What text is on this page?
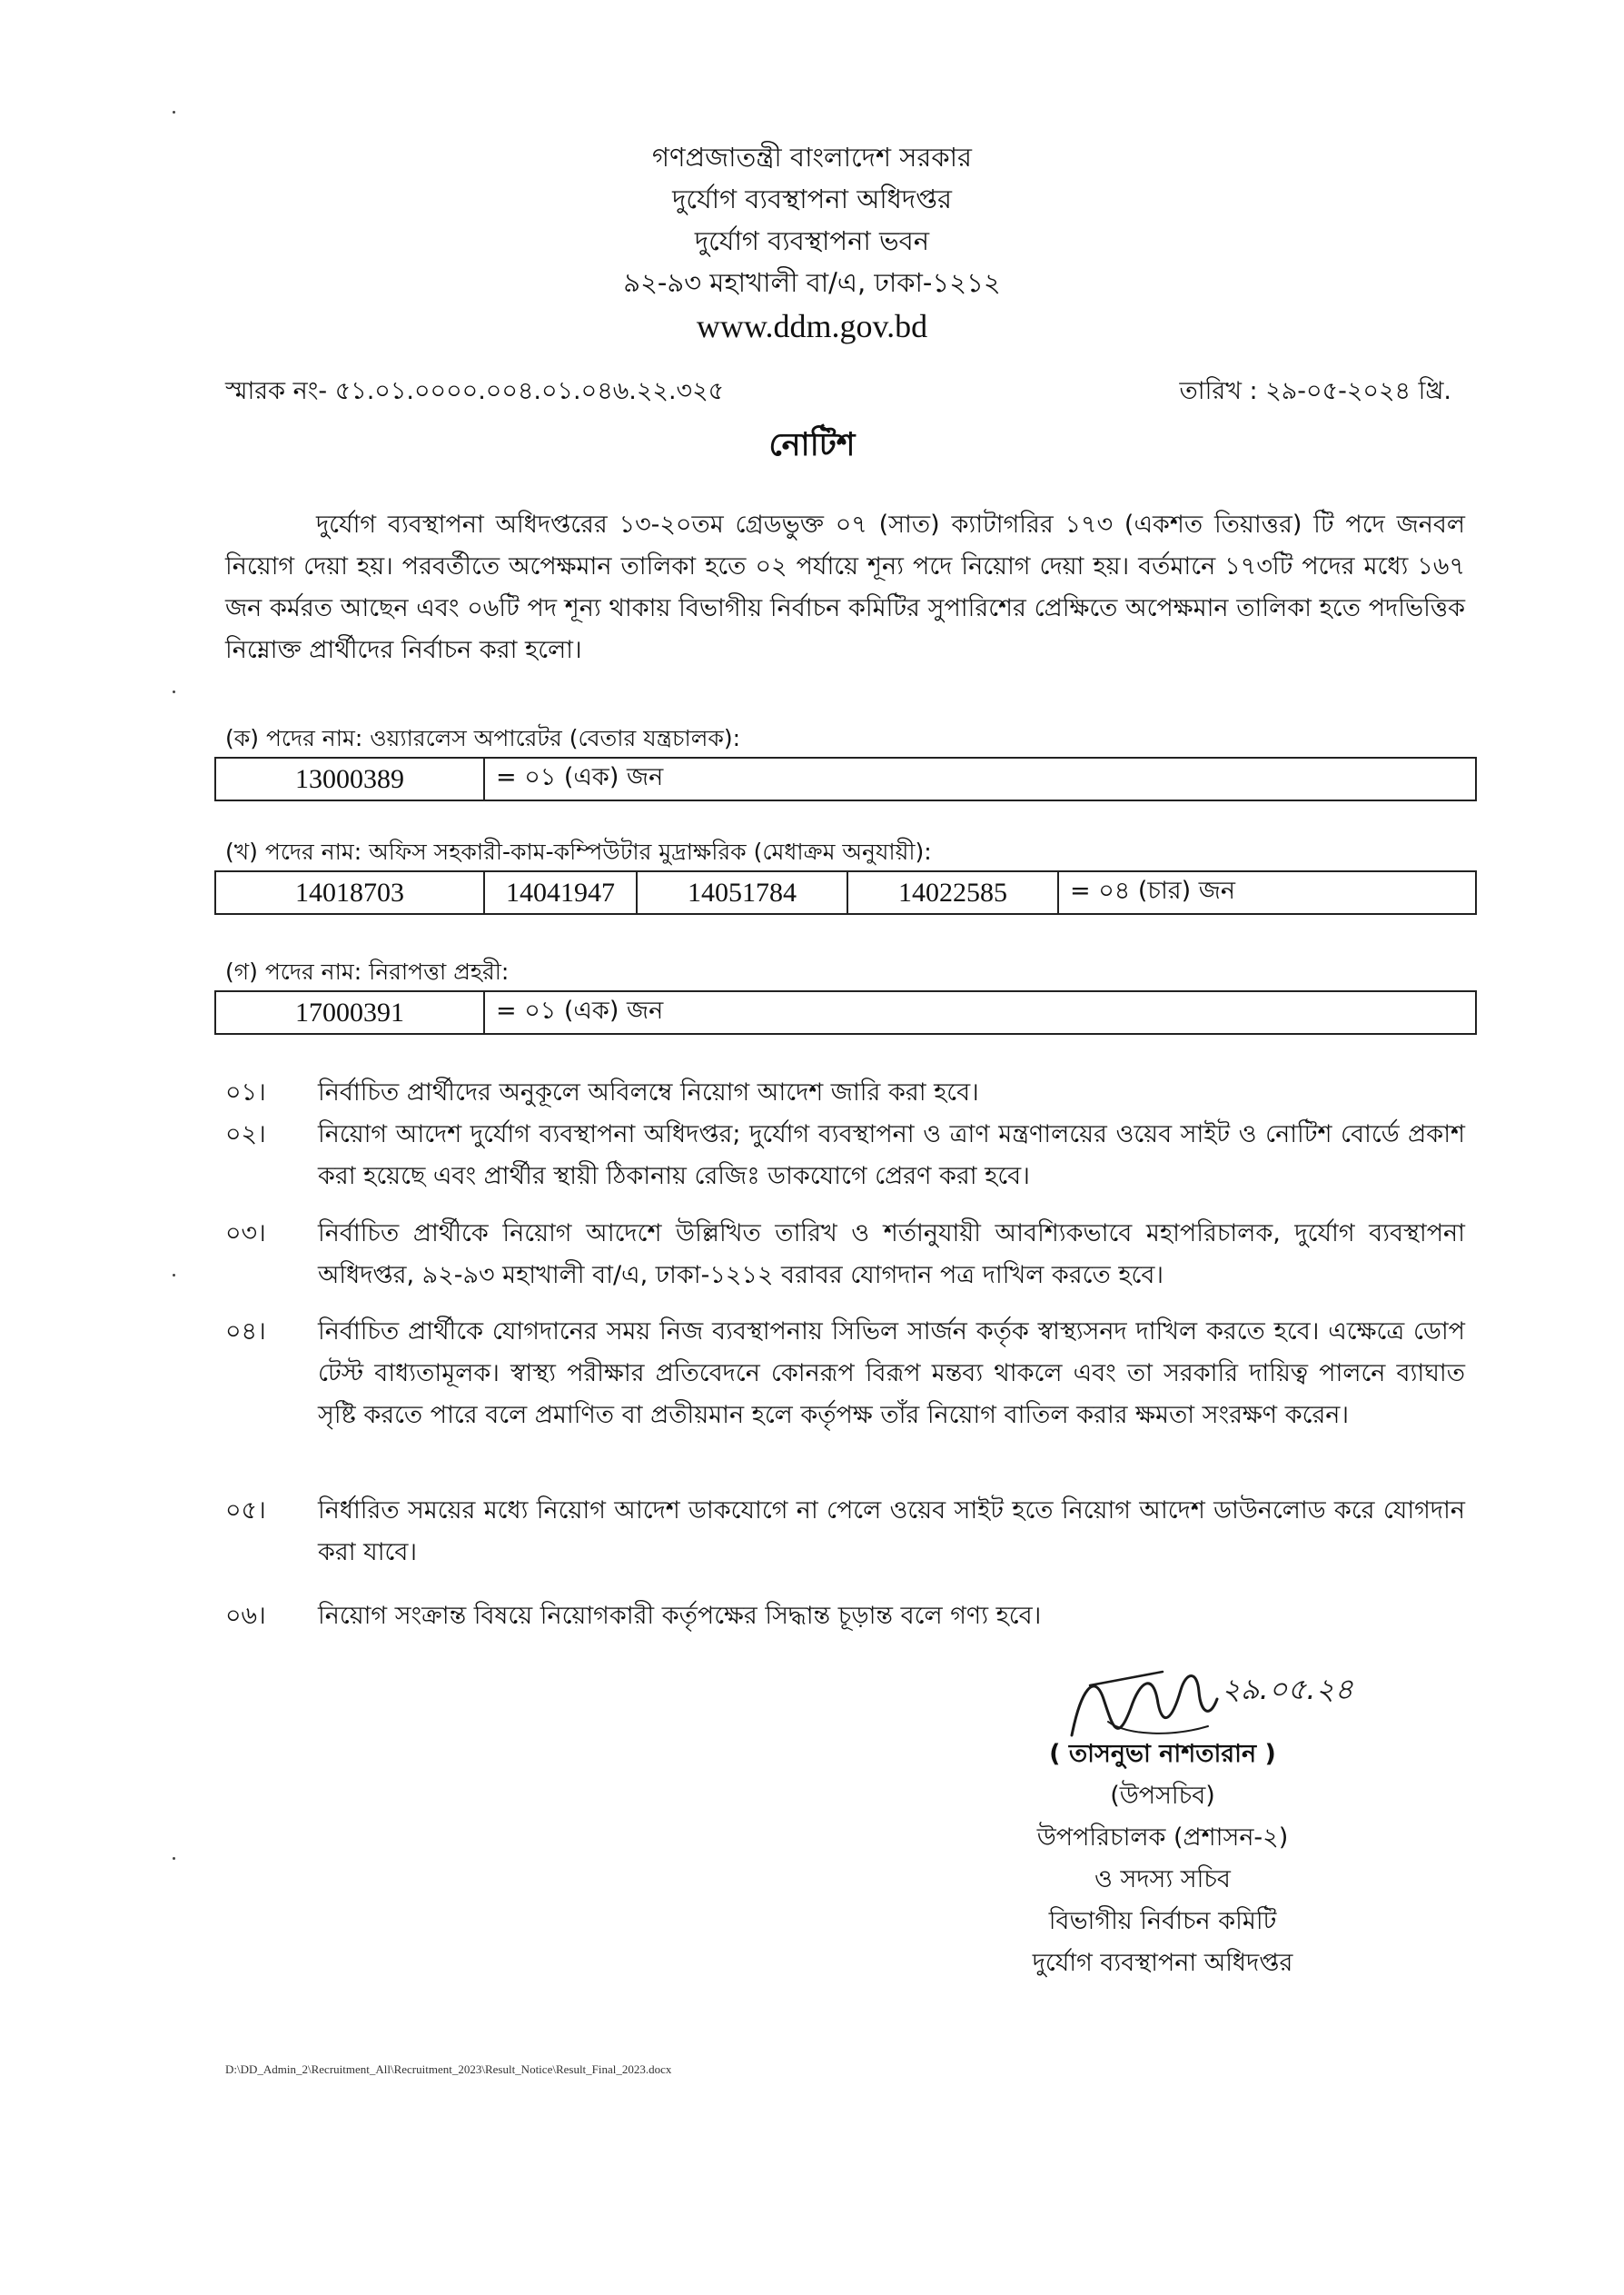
গণপ্রজাতন্ত্রী বাংলাদেশ সরকার
দুর্যোগ ব্যবস্থাপনা অধিদপ্তর
দুর্যোগ ব্যবস্থাপনা ভবন
৯২-৯৩ মহাখালী বা/এ, ঢাকা-১২১২
www.ddm.gov.bd
স্মারক নং- ৫১.০১.০০০০.০০৪.০১.০৪৬.২২.৩২৫	তারিখ : ২৯-০৫-২০২৪ খ্রি.
নোটিশ
দুর্যোগ ব্যবস্থাপনা অধিদপ্তরের ১৩-২০তম গ্রেডভুক্ত ০৭ (সাত) ক্যাটাগরির ১৭৩ (একশত তিয়াত্তর) টি পদে জনবল নিয়োগ দেয়া হয়। পরবর্তীতে অপেক্ষমান তালিকা হতে ০২ পর্যায়ে শূন্য পদে নিয়োগ দেয়া হয়। বর্তমানে ১৭৩টি পদের মধ্যে ১৬৭ জন কর্মরত আছেন এবং ০৬টি পদ শূন্য থাকায় বিভাগীয় নির্বাচন কমিটির সুপারিশের প্রেক্ষিতে অপেক্ষমান তালিকা হতে পদভিত্তিক নিম্নোক্ত প্রার্থীদের নির্বাচন করা হলো।
(ক) পদের নাম: ওয়্যারলেস অপারেটর (বেতার যন্ত্রচালক):
13000389	= ০১ (এক) জন
(খ) পদের নাম: অফিস সহকারী-কাম-কম্পিউটার মুদ্রাক্ষরিক (মেধাক্রম অনুযায়ী):
14018703	14041947	14051784	14022585	= ০৪ (চার) জন
(গ) পদের নাম: নিরাপত্তা প্রহরী:
17000391	= ০১ (এক) জন
০১।	নির্বাচিত প্রার্থীদের অনুকূলে অবিলম্বে নিয়োগ আদেশ জারি করা হবে।
০২।	নিয়োগ আদেশ দুর্যোগ ব্যবস্থাপনা অধিদপ্তর; দুর্যোগ ব্যবস্থাপনা ও ত্রাণ মন্ত্রণালয়ের ওয়েব সাইট ও নোটিশ বোর্ডে প্রকাশ করা হয়েছে এবং প্রার্থীর স্থায়ী ঠিকানায় রেজিঃ ডাকযোগে প্রেরণ করা হবে।
০৩।	নির্বাচিত প্রার্থীকে নিয়োগ আদেশে উল্লিখিত তারিখ ও শর্তানুযায়ী আবশ্যিকভাবে মহাপরিচালক, দুর্যোগ ব্যবস্থাপনা অধিদপ্তর, ৯২-৯৩ মহাখালী বা/এ, ঢাকা-১২১২ বরাবর যোগদান পত্র দাখিল করতে হবে।
০৪।	নির্বাচিত প্রার্থীকে যোগদানের সময় নিজ ব্যবস্থাপনায় সিভিল সার্জন কর্তৃক স্বাস্থ্যসনদ দাখিল করতে হবে। এক্ষেত্রে ডোপ টেস্ট বাধ্যতামূলক। স্বাস্থ্য পরীক্ষার প্রতিবেদনে কোনরূপ বিরূপ মন্তব্য থাকলে এবং তা সরকারি দায়িত্ব পালনে ব্যাঘাত সৃষ্টি করতে পারে বলে প্রমাণিত বা প্রতীয়মান হলে কর্তৃপক্ষ তাঁর নিয়োগ বাতিল করার ক্ষমতা সংরক্ষণ করেন।
০৫।	নির্ধারিত সময়ের মধ্যে নিয়োগ আদেশ ডাকযোগে না পেলে ওয়েব সাইট হতে নিয়োগ আদেশ ডাউনলোড করে যোগদান করা যাবে।
০৬।	নিয়োগ সংক্রান্ত বিষয়ে নিয়োগকারী কর্তৃপক্ষের সিদ্ধান্ত চূড়ান্ত বলে গণ্য হবে।
২৯.০৫.২৪
( তাসনুভা নাশতারান )
(উপসচিব)
উপপরিচালক (প্রশাসন-২)
ও সদস্য সচিব
বিভাগীয় নির্বাচন কমিটি
দুর্যোগ ব্যবস্থাপনা অধিদপ্তর
D:\DD_Admin_2\Recruitment_All\Recruitment_2023\Result_Notice\Result_Final_2023.docx
